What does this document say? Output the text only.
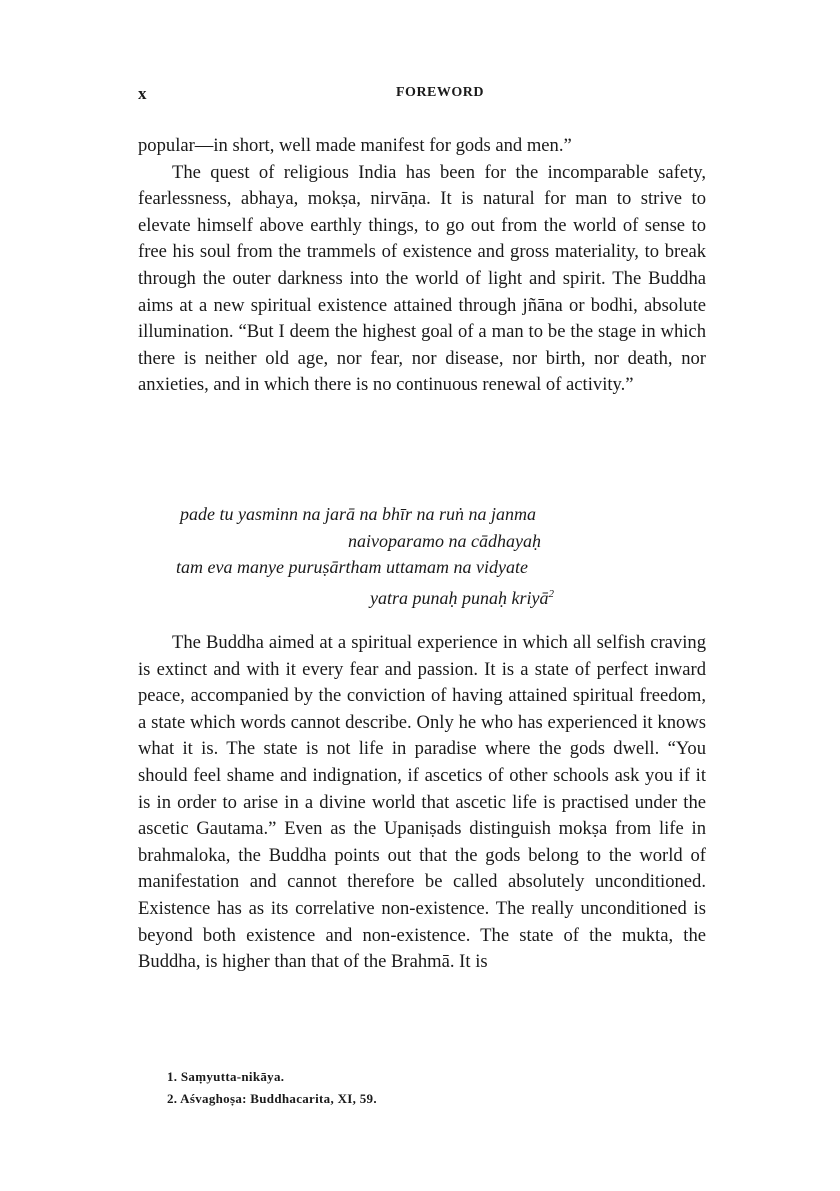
x	FOREWORD

popular—in short, well made manifest for gods and men.”

The quest of religious India has been for the incomparable safety, fearlessness, abhaya, mokṣa, nirvāṇa. It is natural for man to strive to elevate himself above earthly things, to go out from the world of sense to free his soul from the trammels of existence and gross materiality, to break through the outer darkness into the world of light and spirit. The Buddha aims at a new spiritual existence attained through jñāna or bodhi, absolute illumination. “But I deem the highest goal of a man to be the stage in which there is neither old age, nor fear, nor disease, nor birth, nor death, nor anxieties, and in which there is no continuous renewal of activity.”

pade tu yasminn na jarā na bhīr na ruṅ na janma
naivoparamo na cādhayaḥ
tam eva manye puruṣārtham uttamam na vidyate
yatra punaḥ punaḥ kriyā$^2$

The Buddha aimed at a spiritual experience in which all selfish craving is extinct and with it every fear and passion. It is a state of perfect inward peace, accompanied by the conviction of having attained spiritual freedom, a state which words cannot describe. Only he who has experienced it knows what it is. The state is not life in paradise where the gods dwell. “You should feel shame and indignation, if ascetics of other schools ask you if it is in order to arise in a divine world that ascetic life is practised under the ascetic Gautama.” Even as the Upaniṣads distinguish mokṣa from life in brahmaloka, the Buddha points out that the gods belong to the world of manifestation and cannot therefore be called absolutely unconditioned. Existence has as its correlative non-existence. The really unconditioned is beyond both existence and non-existence. The state of the mukta, the Buddha, is higher than that of the Brahmā. It is

1. Saṃyutta-nikāya.
2. Aśvaghoṣa: Buddhacarita, XI, 59.
